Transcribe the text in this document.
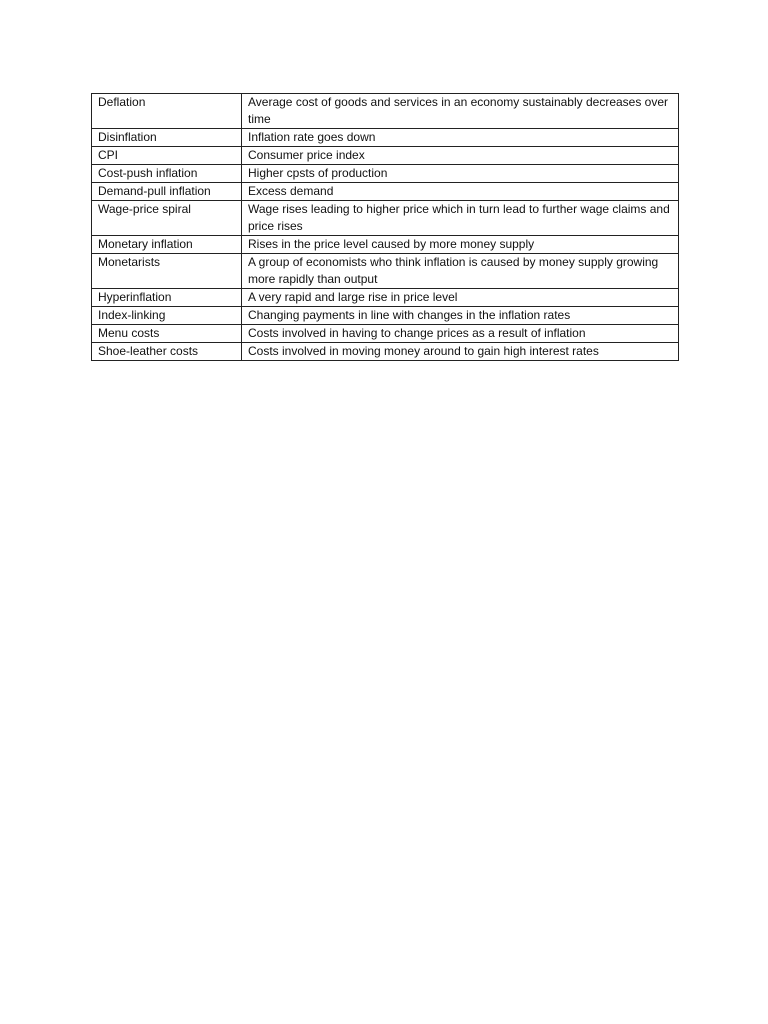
Deflation	Average cost of goods and services in an economy sustainably decreases over time
Disinflation	Inflation rate goes down
CPI	Consumer price index
Cost-push inflation	Higher cpsts of production
Demand-pull inflation	Excess demand
Wage-price spiral	Wage rises leading to higher price which in turn lead to further wage claims and price rises
Monetary inflation	Rises in the price level caused by more money supply
Monetarists	A group of economists who think inflation is caused by money supply growing more rapidly than output
Hyperinflation	A very rapid and large rise in price level
Index-linking	Changing payments in line with changes in the inflation rates
Menu costs	Costs involved in having to change prices as a result of inflation
Shoe-leather costs	Costs involved in moving money around to gain high interest rates
